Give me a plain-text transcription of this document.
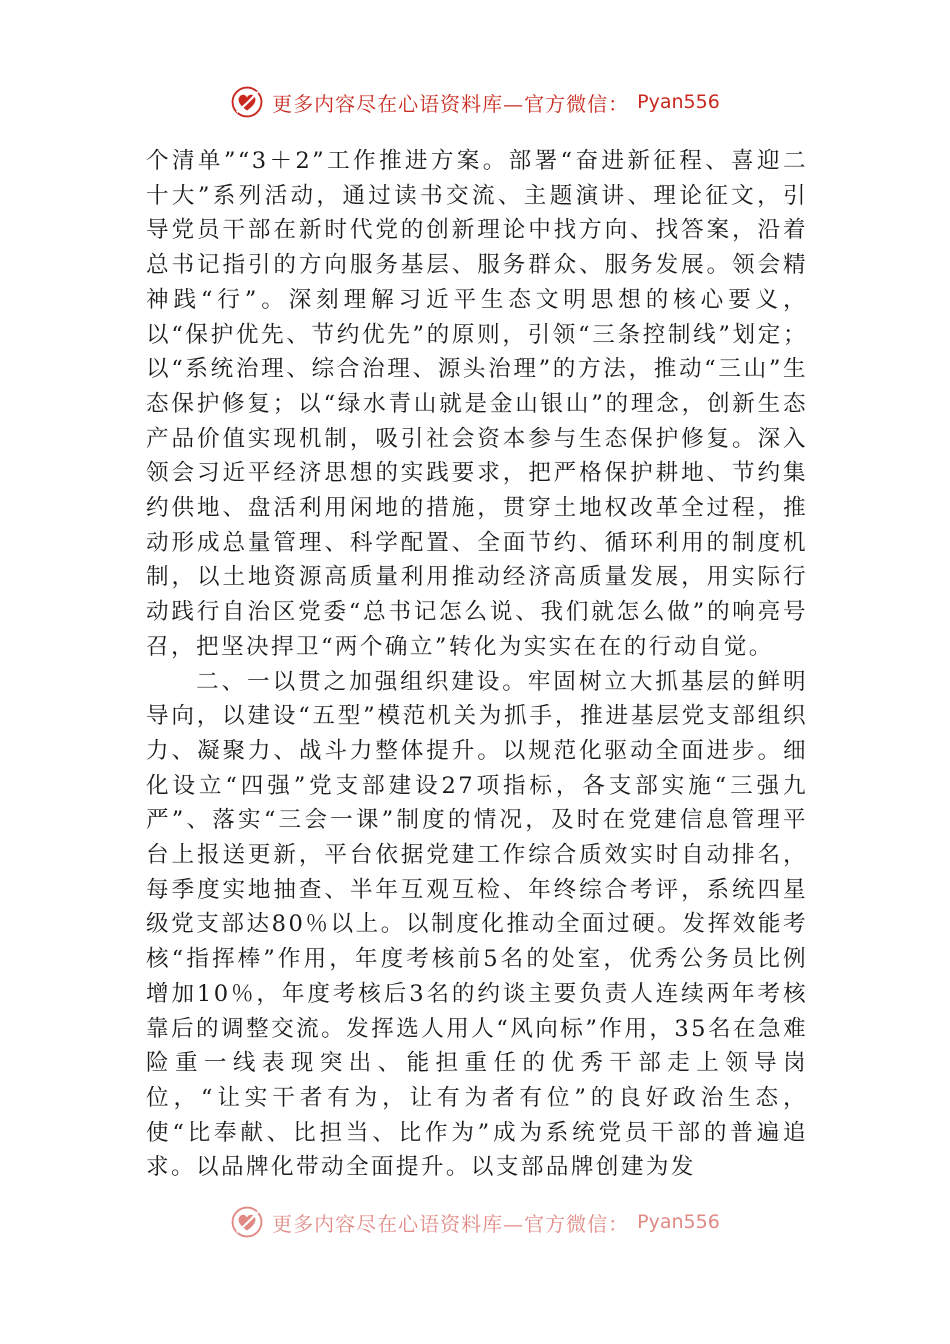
更多内容尽在心语资料库—官方微信： Pyan556

个清单”“3＋2”工作推进方案。部署“奋进新征程、喜迎二十大”系列活动，通过读书交流、主题演讲、理论征文，引导党员干部在新时代党的创新理论中找方向、找答案，沿着总书记指引的方向服务基层、服务群众、服务发展。领会精神践“行”。深刻理解习近平生态文明思想的核心要义，以“保护优先、节约优先”的原则，引领“三条控制线”划定；以“系统治理、综合治理、源头治理”的方法，推动“三山”生态保护修复；以“绿水青山就是金山银山”的理念，创新生态产品价值实现机制，吸引社会资本参与生态保护修复。深入领会习近平经济思想的实践要求，把严格保护耕地、节约集约供地、盘活利用闲地的措施，贯穿土地权改革全过程，推动形成总量管理、科学配置、全面节约、循环利用的制度机制，以土地资源高质量利用推动经济高质量发展，用实际行动践行自治区党委“总书记怎么说、我们就怎么做”的响亮号召，把坚决捍卫“两个确立”转化为实实在在的行动自觉。

二、一以贯之加强组织建设。牢固树立大抓基层的鲜明导向，以建设“五型”模范机关为抓手，推进基层党支部组织力、凝聚力、战斗力整体提升。以规范化驱动全面进步。细化设立“四强”党支部建设27项指标，各支部实施“三强九严”、落实“三会一课”制度的情况，及时在党建信息管理平台上报送更新，平台依据党建工作综合质效实时自动排名，每季度实地抽查、半年互观互检、年终综合考评，系统四星级党支部达80％以上。以制度化推动全面过硬。发挥效能考核“指挥棒”作用，年度考核前5名的处室，优秀公务员比例增加10％，年度考核后3名的约谈主要负责人连续两年考核靠后的调整交流。发挥选人用人“风向标”作用，35名在急难险重一线表现突出、能担重任的优秀干部走上领导岗位，“让实干者有为，让有为者有位”的良好政治生态，使“比奉献、比担当、比作为”成为系统党员干部的普遍追求。以品牌化带动全面提升。以支部品牌创建为发

更多内容尽在心语资料库—官方微信： Pyan556
